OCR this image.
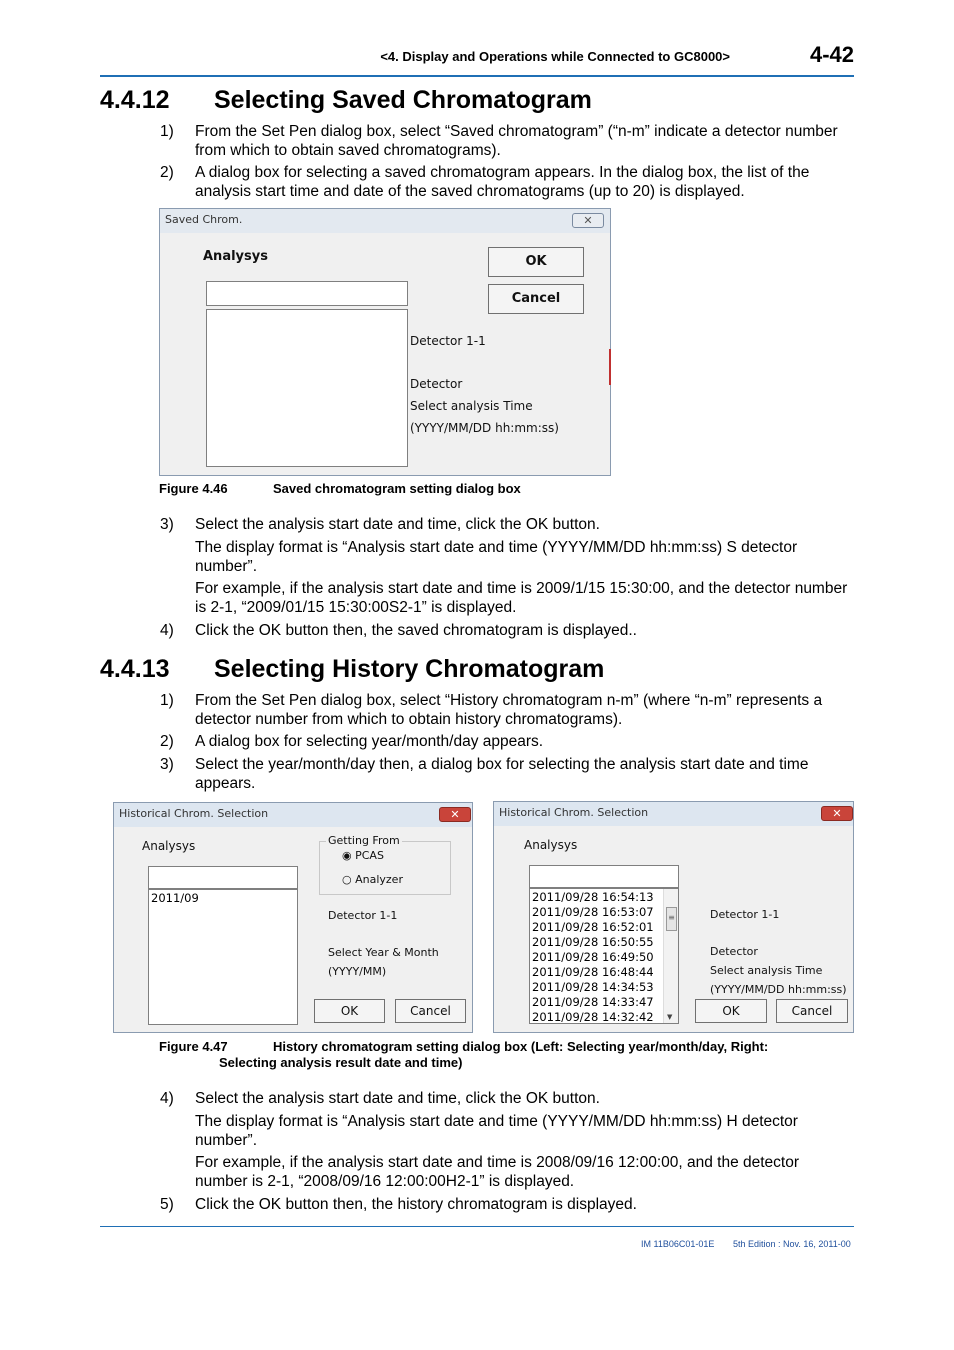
<4. Display and Operations while Connected to GC8000>	4-42
4.4.12 Selecting Saved Chromatogram
1) From the Set Pen dialog box, select “Saved chromatogram” (“n-m” indicate a detector number from which to obtain saved chromatograms).
2) A dialog box for selecting a saved chromatogram appears. In the dialog box, the list of the analysis start time and date of the saved chromatograms (up to 20) is displayed.
Saved Chrom.	✕
Analysys	OK
Cancel
Detector 1-1
Detector
Select analysis Time
(YYYY/MM/DD hh:mm:ss)
Figure 4.46	Saved chromatogram setting dialog box
3) Select the analysis start date and time, click the OK button.
The display format is “Analysis start date and time (YYYY/MM/DD hh:mm:ss) S detector number”.
For example, if the analysis start date and time is 2009/1/15 15:30:00, and the detector number is 2-1, “2009/01/15 15:30:00S2-1” is displayed.
4) Click the OK button then, the saved chromatogram is displayed..
4.4.13 Selecting History Chromatogram
1) From the Set Pen dialog box, select “History chromatogram n-m” (where “n-m” represents a detector number from which to obtain history chromatograms).
2) A dialog box for selecting year/month/day appears.
3) Select the year/month/day then, a dialog box for selecting the analysis start date and time appears.
Historical Chrom. Selection	✕
Analysys	Getting From
◉ PCAS
○ Analyzer
2011/09
Detector 1-1
Select Year & Month
(YYYY/MM)
OK	Cancel
Historical Chrom. Selection	✕
Analysys
2011/09/28 16:54:13
2011/09/28 16:53:07
2011/09/28 16:52:01
2011/09/28 16:50:55
2011/09/28 16:49:50
2011/09/28 16:48:44
2011/09/28 14:34:53
2011/09/28 14:33:47
2011/09/28 14:32:42
≡
▼
Detector 1-1
Detector
Select analysis Time
(YYYY/MM/DD hh:mm:ss)
OK	Cancel
Figure 4.47	History chromatogram setting dialog box (Left: Selecting year/month/day, Right:
Selecting analysis result date and time)
4) Select the analysis start date and time, click the OK button.
The display format is “Analysis start date and time (YYYY/MM/DD hh:mm:ss) H detector number”.
For example, if the analysis start date and time is 2008/09/16 12:00:00, and the detector number is 2-1, “2008/09/16 12:00:00H2-1” is displayed.
5) Click the OK button then, the history chromatogram is displayed.
IM 11B06C01-01E 5th Edition : Nov. 16, 2011-00
